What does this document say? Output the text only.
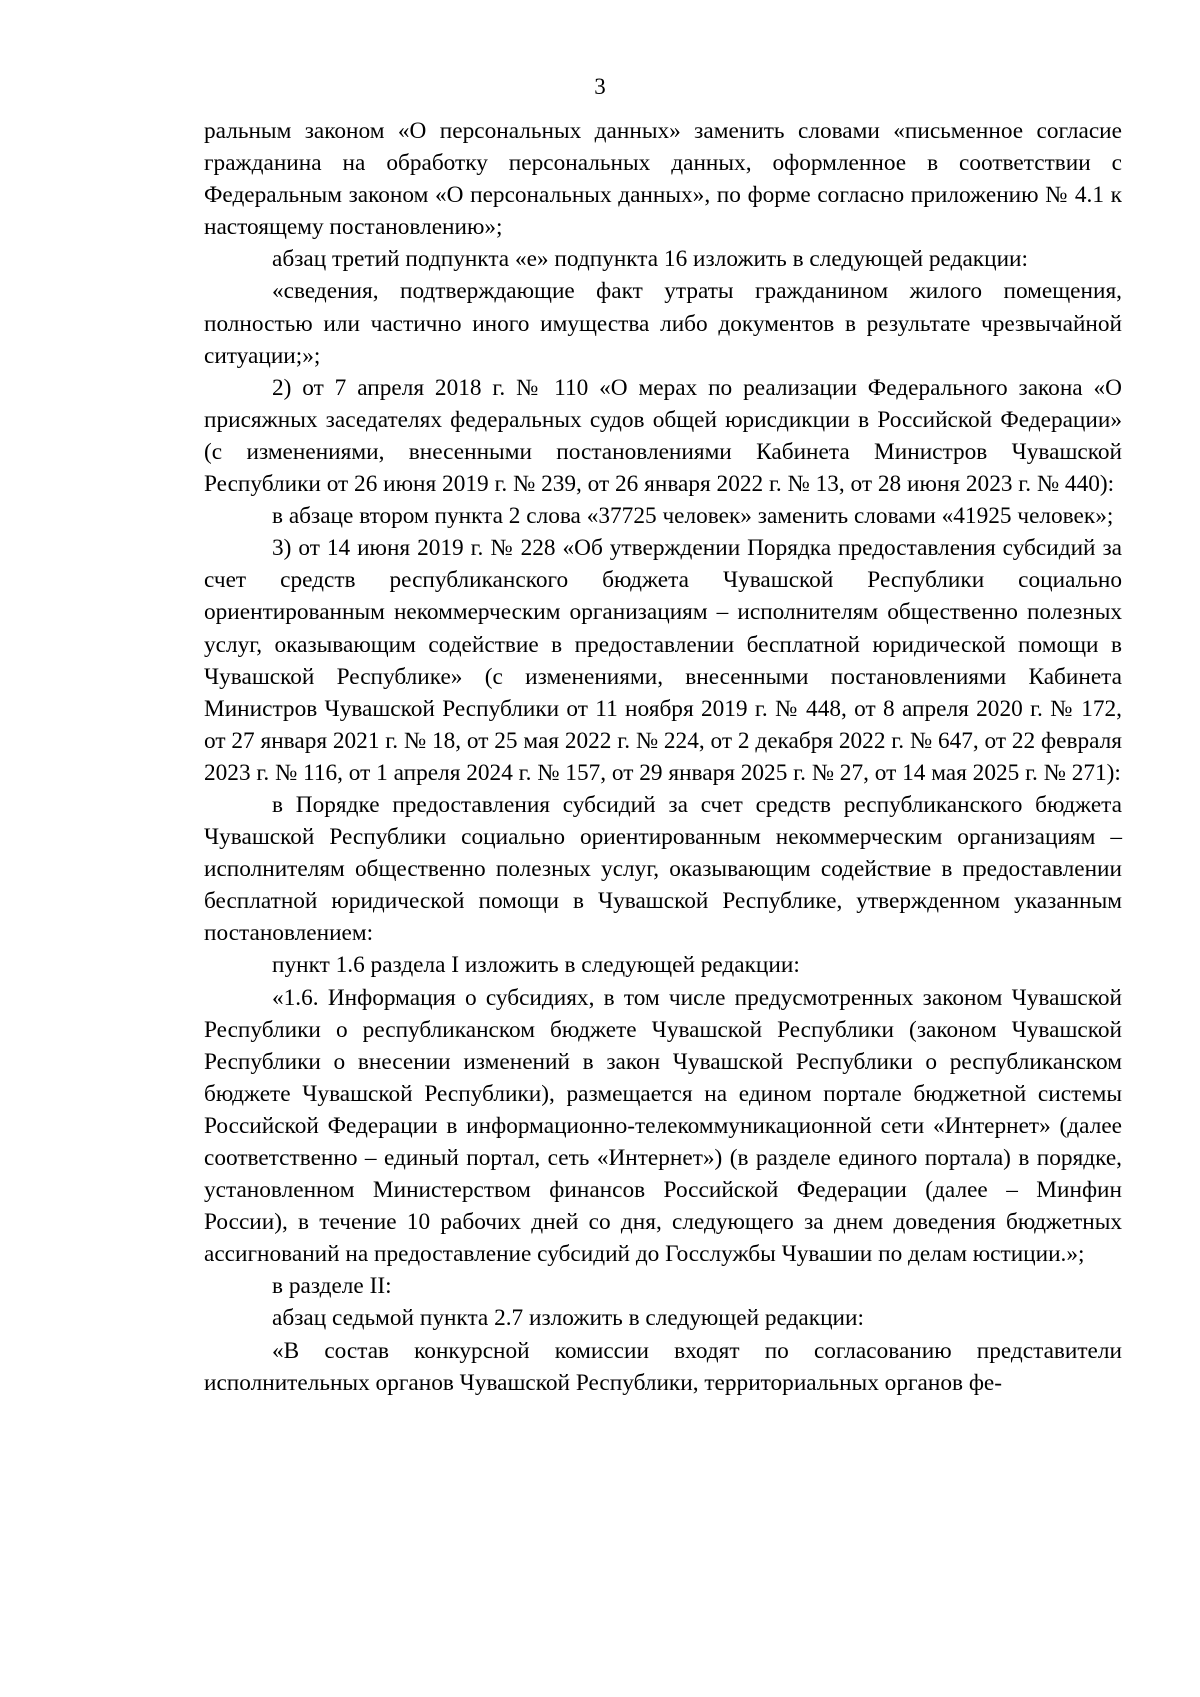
3

ральным законом «О персональных данных» заменить словами «письменное согласие гражданина на обработку персональных данных, оформленное в соответствии с Федеральным законом «О персональных данных», по форме согласно приложению № 4.1 к настоящему постановлению»;

абзац третий подпункта «е» подпункта 16 изложить в следующей редакции:

«сведения, подтверждающие факт утраты гражданином жилого помещения, полностью или частично иного имущества либо документов в результате чрезвычайной ситуации;»;

2) от 7 апреля 2018 г. № 110 «О мерах по реализации Федерального закона «О присяжных заседателях федеральных судов общей юрисдикции в Российской Федерации» (с изменениями, внесенными постановлениями Кабинета Министров Чувашской Республики от 26 июня 2019 г. № 239, от 26 января 2022 г. № 13, от 28 июня 2023 г. № 440):

в абзаце втором пункта 2 слова «37725 человек» заменить словами «41925 человек»;

3) от 14 июня 2019 г. № 228 «Об утверждении Порядка предоставления субсидий за счет средств республиканского бюджета Чувашской Республики социально ориентированным некоммерческим организациям – исполнителям общественно полезных услуг, оказывающим содействие в предоставлении бесплатной юридической помощи в Чувашской Республике» (с изменениями, внесенными постановлениями Кабинета Министров Чувашской Республики от 11 ноября 2019 г. № 448, от 8 апреля 2020 г. № 172, от 27 января 2021 г. № 18, от 25 мая 2022 г. № 224, от 2 декабря 2022 г. № 647, от 22 февраля 2023 г. № 116, от 1 апреля 2024 г. № 157, от 29 января 2025 г. № 27, от 14 мая 2025 г. № 271):

в Порядке предоставления субсидий за счет средств республиканского бюджета Чувашской Республики социально ориентированным некоммерческим организациям – исполнителям общественно полезных услуг, оказывающим содействие в предоставлении бесплатной юридической помощи в Чувашской Республике, утвержденном указанным постановлением:

пункт 1.6 раздела I изложить в следующей редакции:

«1.6. Информация о субсидиях, в том числе предусмотренных законом Чувашской Республики о республиканском бюджете Чувашской Республики (законом Чувашской Республики о внесении изменений в закон Чувашской Республики о республиканском бюджете Чувашской Республики), размещается на едином портале бюджетной системы Российской Федерации в информационно-телекоммуникационной сети «Интернет» (далее соответственно – единый портал, сеть «Интернет») (в разделе единого портала) в порядке, установленном Министерством финансов Российской Федерации (далее – Минфин России), в течение 10 рабочих дней со дня, следующего за днем доведения бюджетных ассигнований на предоставление субсидий до Госслужбы Чувашии по делам юстиции.»;

в разделе II:

абзац седьмой пункта 2.7 изложить в следующей редакции:

«В состав конкурсной комиссии входят по согласованию представители исполнительных органов Чувашской Республики, территориальных органов фе-
